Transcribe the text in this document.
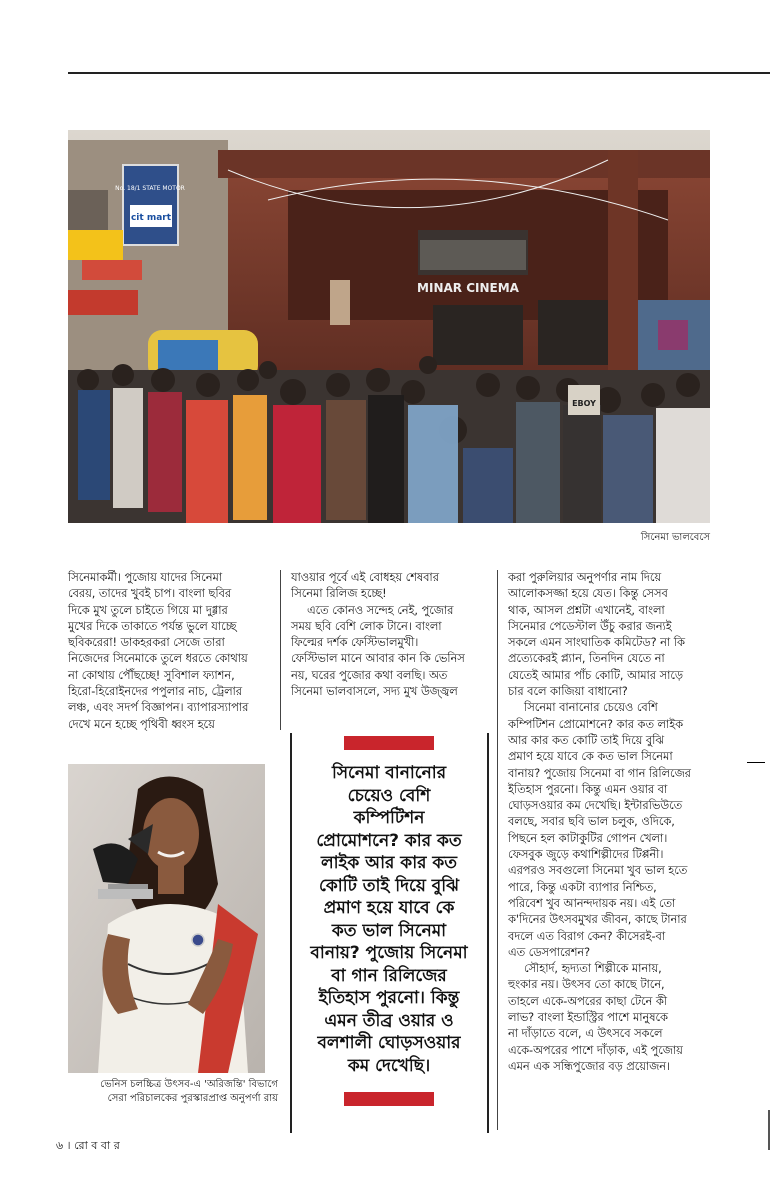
No. 18/1 STATE MOTOR
cit mart
MINAR CINEMA
EBOY
সিনেমা ভালবেসে

সিনেমাকর্মী। পুজোয় যাদের সিনেমা

বেরয়, তাদের খুবই চাপ। বাংলা ছবির

দিকে মুখ তুলে চাইতে গিয়ে মা দুগ্গার

মুখের দিকে তাকাতে পর্যন্ত ভুলে যাচ্ছে

ছবিকরেরা! ডাকহরকরা সেজে তারা

নিজেদের সিনেমাকে তুলে ধরতে কোথায়

না কোথায় পৌঁছচ্ছে! সুবিশাল ফ্যাশন,

হিরো-হিরোইনদের পপুলার নাচ, ট্রেলার

লঞ্চ, এবং সদর্প বিজ্ঞাপন। ব্যাপারস্যাপার

দেখে মনে হচ্ছে পৃথিবী ধ্বংস হয়ে

যাওয়ার পূর্বে এই বোধহয় শেষবার

সিনেমা রিলিজ হচ্ছে!

এতে কোনও সন্দেহ নেই, পুজোর

সময় ছবি বেশি লোক টানে। বাংলা

ফিল্মের দর্শক ফেস্টিভালমুখী।

ফেস্টিভাল মানে আবার কান কি ভেনিস

নয়, ঘরের পুজোর কথা বলছি। অত

সিনেমা ভালবাসলে, সদ্য মুখ উজ্জ্বল

সিনেমা বানানোর
চেয়েও বেশি
কম্পিটিশন
প্রোমোশনে? কার কত
লাইক আর কার কত
কোটি তাই দিয়ে বুঝি
প্রমাণ হয়ে যাবে কে
কত ভাল সিনেমা
বানায়? পুজোয় সিনেমা
বা গান রিলিজের
ইতিহাস পুরনো। কিন্তু
এমন তীব্র ওয়ার ও
বলশালী ঘোড়সওয়ার
কম দেখেছি।

করা পুরুলিয়ার অনুপর্ণার নাম দিয়ে

আলোকসজ্জা হয়ে যেত। কিন্তু সেসব

থাক, আসল প্রশ্নটা এখানেই, বাংলা

সিনেমার পেডেস্টাল উঁচু করার জন্যই

সকলে এমন সাংঘাতিক কমিটেড? না কি

প্রত্যেকেরই প্ল্যান, তিনদিন যেতে না

যেতেই আমার পাঁচ কোটি, আমার সাড়ে

চার বলে কাজিয়া বাধানো?

সিনেমা বানানোর চেয়েও বেশি

কম্পিটিশন প্রোমোশনে? কার কত লাইক

আর কার কত কোটি তাই দিয়ে বুঝি

প্রমাণ হয়ে যাবে কে কত ভাল সিনেমা

বানায়? পুজোয় সিনেমা বা গান রিলিজের

ইতিহাস পুরনো। কিন্তু এমন ওয়ার বা

ঘোড়সওয়ার কম দেখেছি। ইন্টারভিউতে

বলছে, সবার ছবি ভাল চলুক, ওদিকে,

পিছনে হল কাটাকুটির গোপন খেলা।

ফেসবুক জুড়ে কথাশিল্পীদের টিপ্পনী।

এরপরও সবগুলো সিনেমা খুব ভাল হতে

পারে, কিন্তু একটা ব্যাপার নিশ্চিত,

পরিবেশ খুব আনন্দদায়ক নয়। এই তো

ক'দিনের উৎসবমুখর জীবন, কাছে টানার

বদলে এত বিরাগ কেন? কীসেরই-বা

এত ডেসপারেশন?

সৌহার্দ, হৃদ্যতা শিল্পীকে মানায়,

হুংকার নয়। উৎসব তো কাছে টানে,

তাহলে একে-অপরের কাছা টেনে কী

লাভ? বাংলা ইন্ডাস্ট্রির পাশে মানুষকে

না দাঁড়াতে বলে, এ উৎসবে সকলে

একে-অপরের পাশে দাঁড়াক, এই পুজোয়

এমন এক সন্ধিপুজোর বড় প্রয়োজন।

ভেনিস চলচ্চিত্র উৎসব-এ 'অরিজন্তি' বিভাগে
সেরা পরিচালকের পুরস্কারপ্রাপ্ত অনুপর্ণা রায়
৬ । রো ব বা র
